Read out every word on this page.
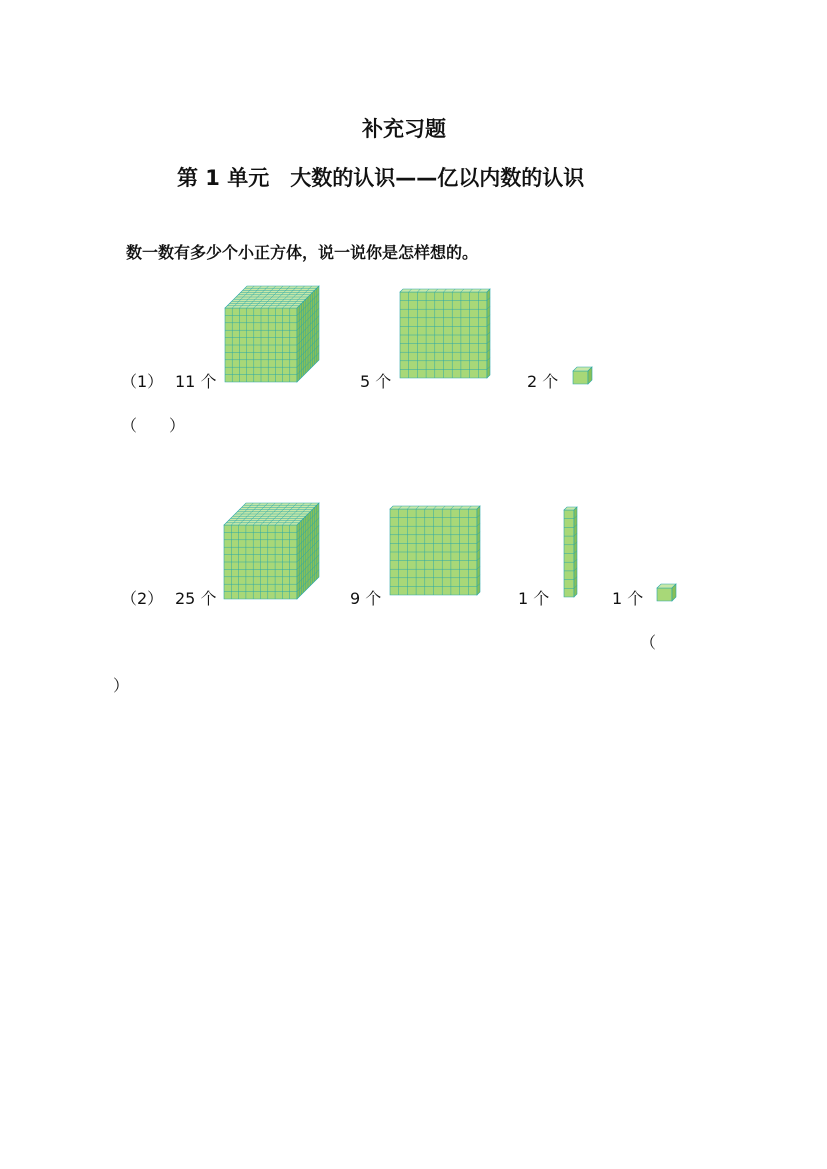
补充习题
第 1 单元　大数的认识——亿以内数的认识
数一数有多少个小正方体，说一说你是怎样想的。
（1） 11 个	5 个	2 个
（　　）
（2） 25 个	9 个	1 个	1 个
（
）
